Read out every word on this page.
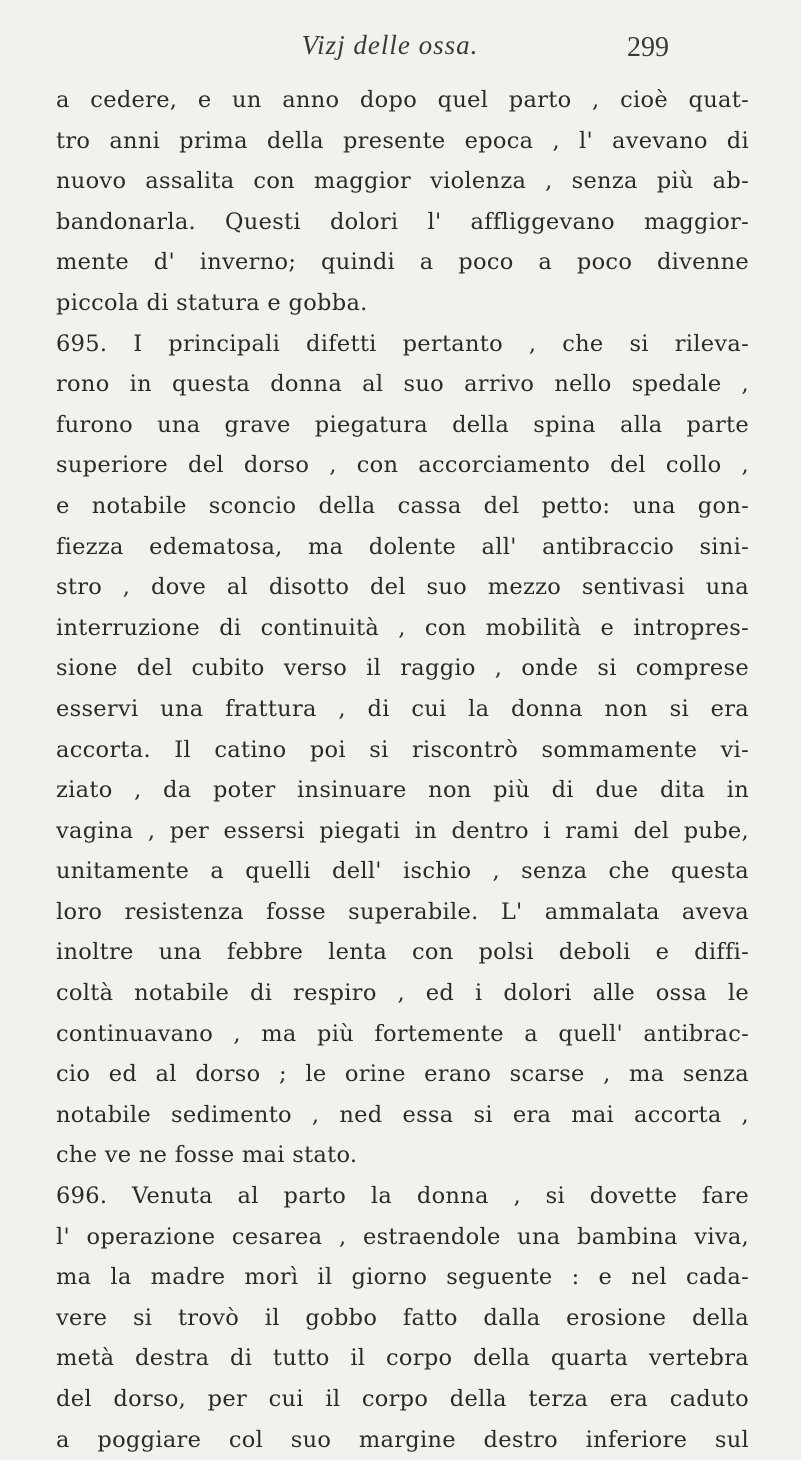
Vizj delle ossa.	299
a cedere, e un anno dopo quel parto , cioè quat-
tro anni prima della presente epoca , l' avevano di
nuovo assalita con maggior violenza , senza più ab-
bandonarla. Questi dolori l' affliggevano maggior-
mente d' inverno; quindi a poco a poco divenne
piccola di statura e gobba.
695. I principali difetti pertanto , che si rileva-
rono in questa donna al suo arrivo nello spedale ,
furono una grave piegatura della spina alla parte
superiore del dorso , con accorciamento del collo ,
e notabile sconcio della cassa del petto: una gon-
fiezza edematosa, ma dolente all' antibraccio sini-
stro , dove al disotto del suo mezzo sentivasi una
interruzione di continuità , con mobilità e intropres-
sione del cubito verso il raggio , onde si comprese
esservi una frattura , di cui la donna non si era
accorta. Il catino poi si riscontrò sommamente vi-
ziato , da poter insinuare non più di due dita in
vagina , per essersi piegati in dentro i rami del pube,
unitamente a quelli dell' ischio , senza che questa
loro resistenza fosse superabile. L' ammalata aveva
inoltre una febbre lenta con polsi deboli e diffi-
coltà notabile di respiro , ed i dolori alle ossa le
continuavano , ma più fortemente a quell' antibrac-
cio ed al dorso ; le orine erano scarse , ma senza
notabile sedimento , ned essa si era mai accorta ,
che ve ne fosse mai stato.
696. Venuta al parto la donna , si dovette fare
l' operazione cesarea , estraendole una bambina viva,
ma la madre morì il giorno seguente : e nel cada-
vere si trovò il gobbo fatto dalla erosione della
metà destra di tutto il corpo della quarta vertebra
del dorso, per cui il corpo della terza era caduto
a poggiare col suo margine destro inferiore sul
